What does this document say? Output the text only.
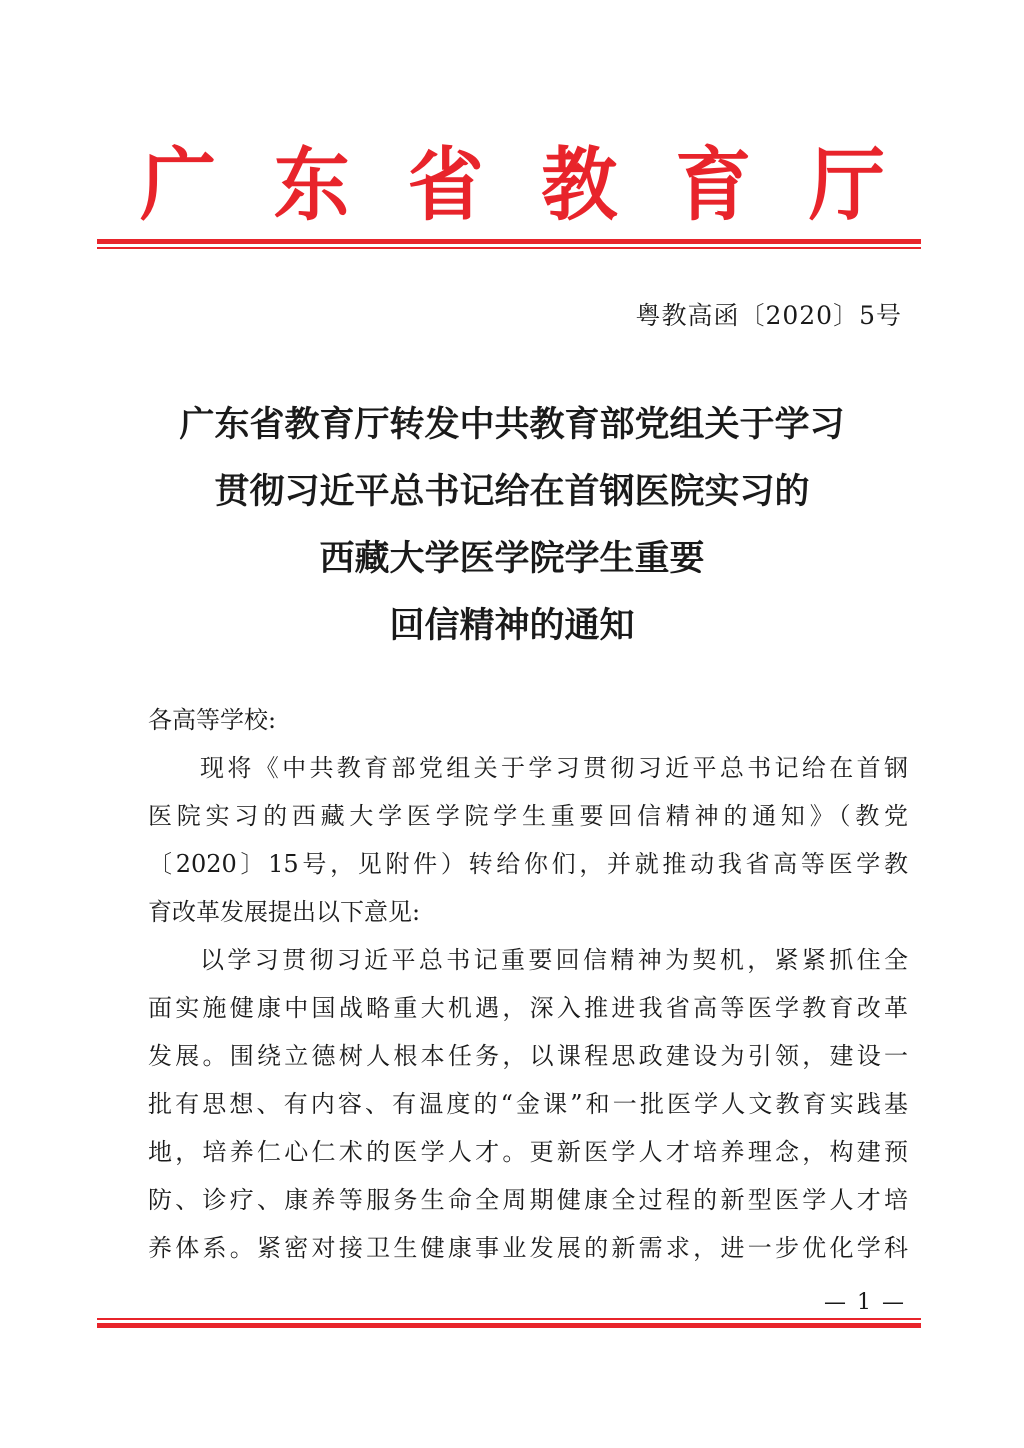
广 东 省 教 育 厅
粤教高函〔2020〕5号
广东省教育厅转发中共教育部党组关于学习
贯彻习近平总书记给在首钢医院实习的
西藏大学医学院学生重要
回信精神的通知
各高等学校:
现将《中共教育部党组关于学习贯彻习近平总书记给在首钢
医院实习的西藏大学医学院学生重要回信精神的通知》（教党
〔2020〕15号，见附件）转给你们，并就推动我省高等医学教
育改革发展提出以下意见:
以学习贯彻习近平总书记重要回信精神为契机，紧紧抓住全
面实施健康中国战略重大机遇，深入推进我省高等医学教育改革
发展。围绕立德树人根本任务，以课程思政建设为引领，建设一
批有思想、有内容、有温度的“金课”和一批医学人文教育实践基
地，培养仁心仁术的医学人才。更新医学人才培养理念，构建预
防、诊疗、康养等服务生命全周期健康全过程的新型医学人才培
养体系。紧密对接卫生健康事业发展的新需求，进一步优化学科
— 1 —
